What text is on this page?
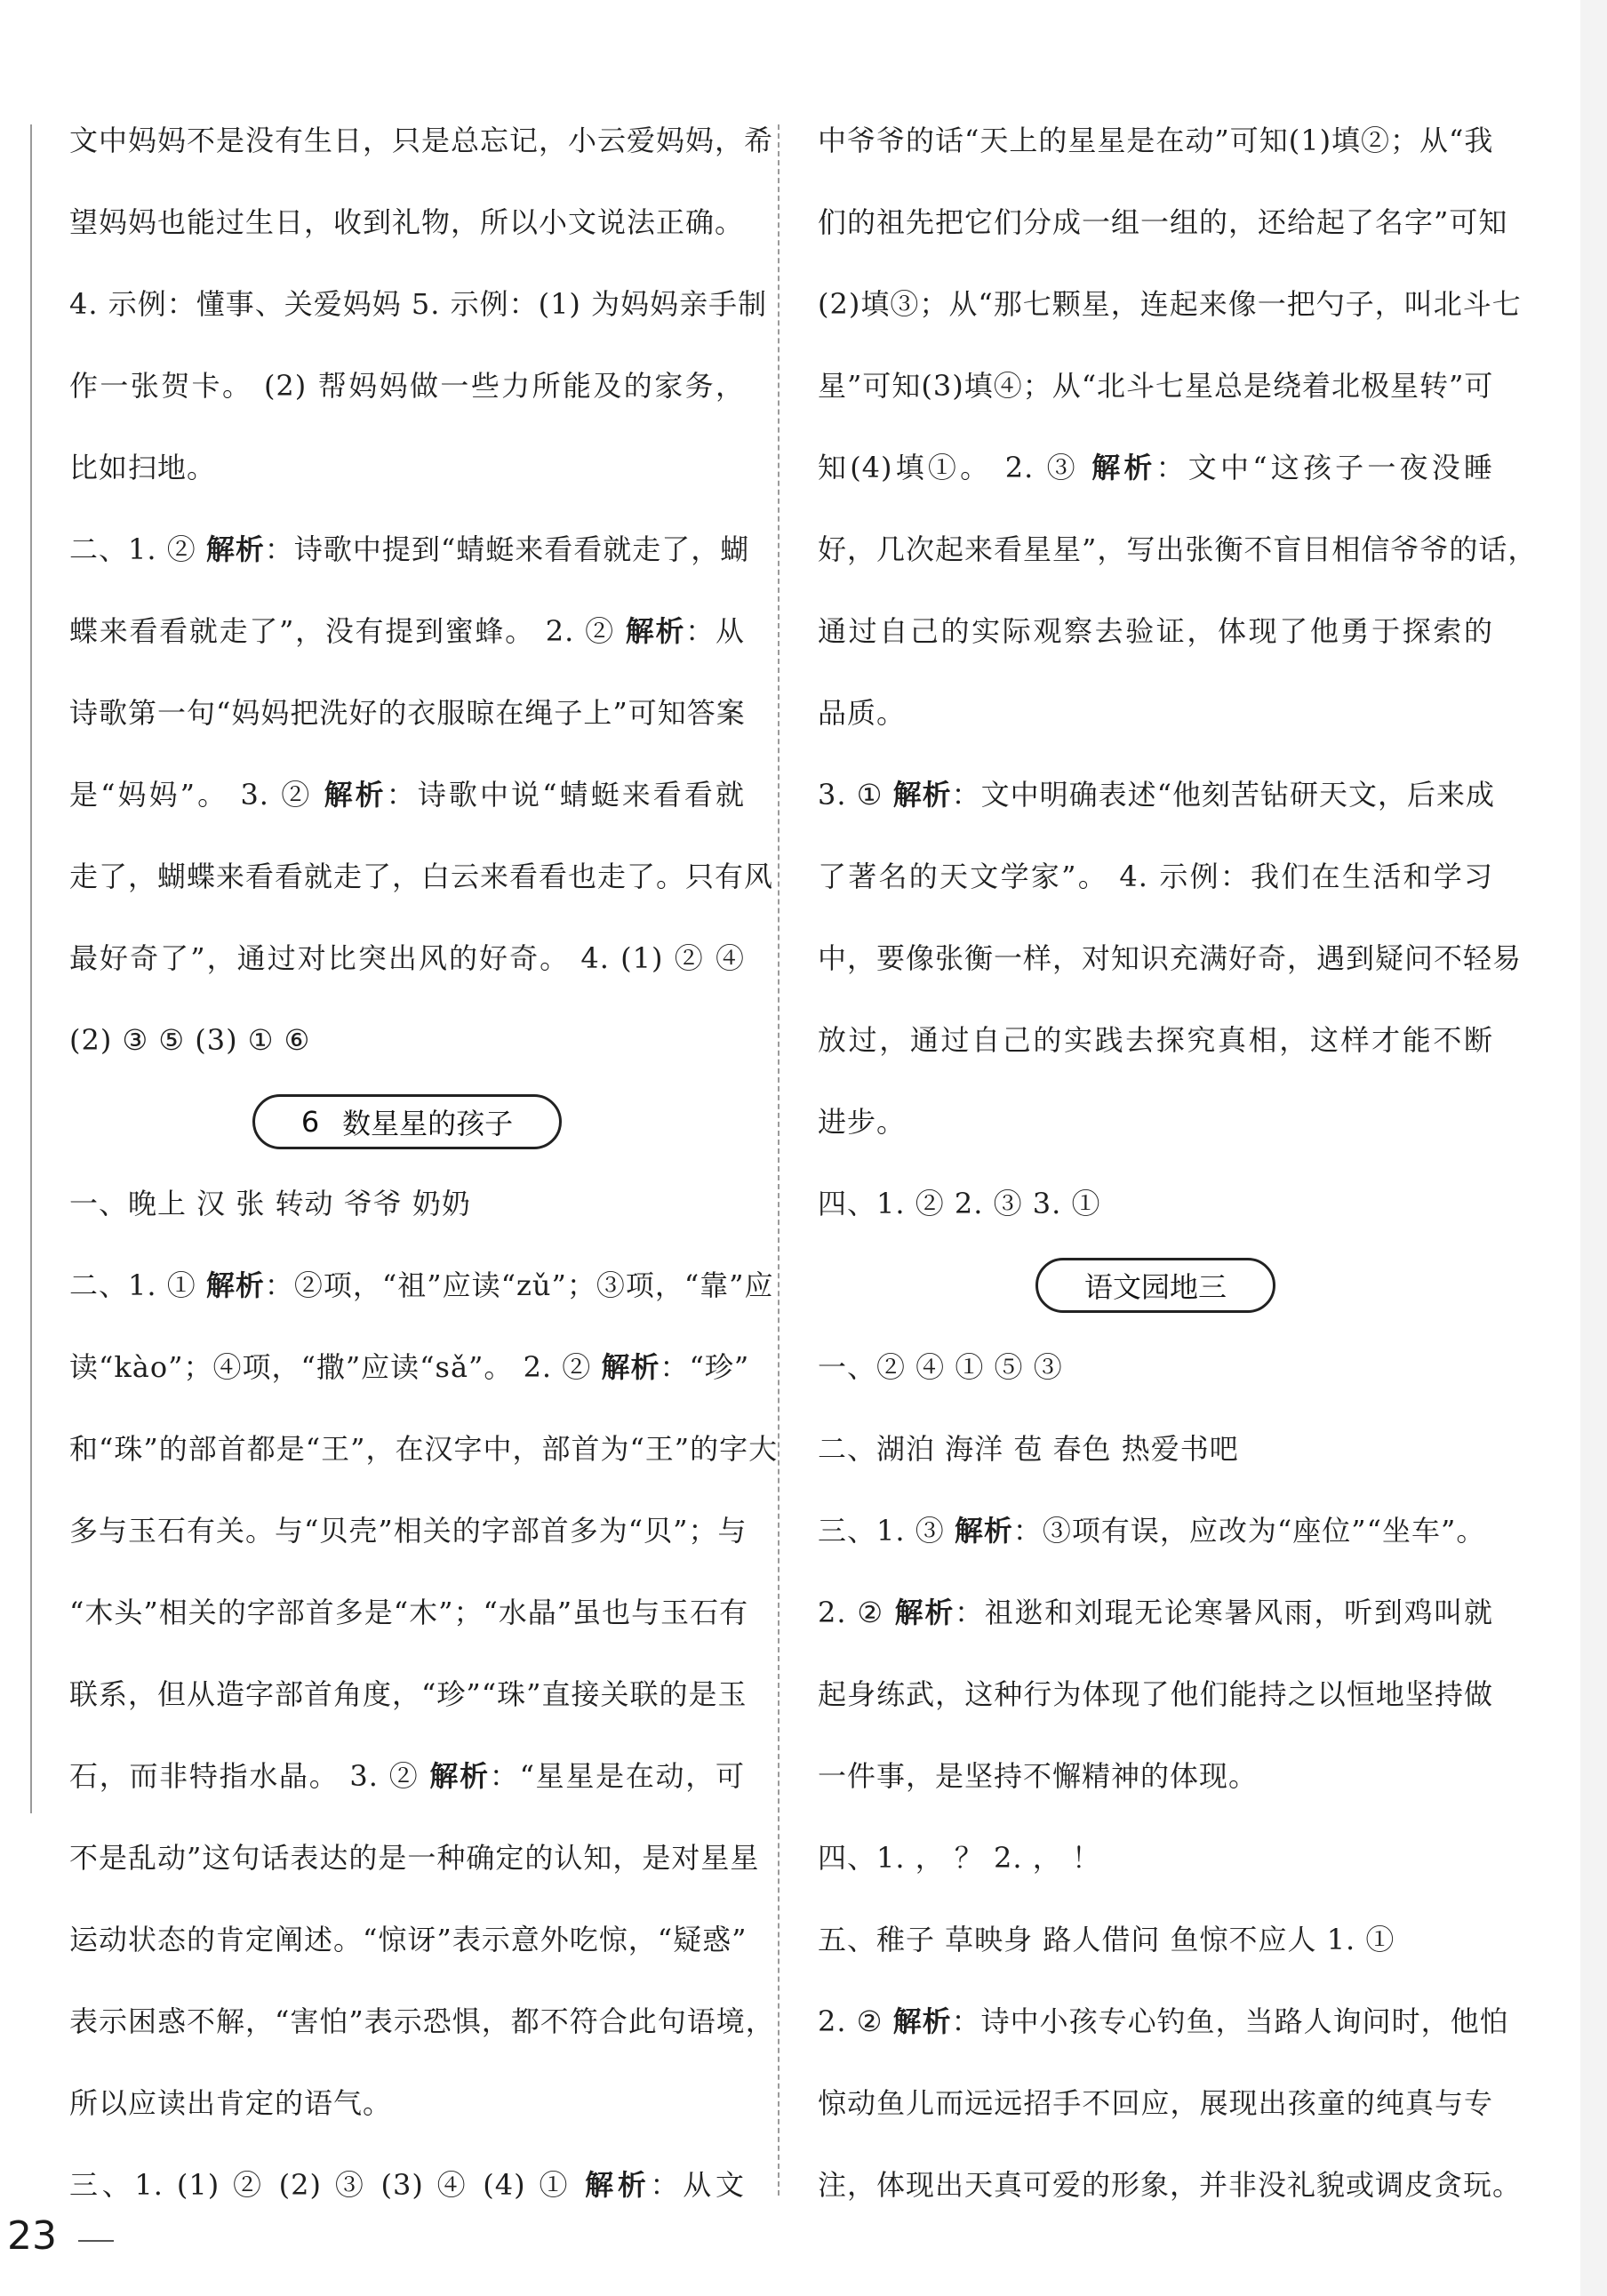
文中妈妈不是没有生日，只是总忘记，小云爱妈妈，希
望妈妈也能过生日，收到礼物，所以小文说法正确。
4. 示例：懂事、关爱妈妈 5. 示例：(1) 为妈妈亲手制
作一张贺卡。 (2) 帮妈妈做一些力所能及的家务，
比如扫地。
二、1. ② 解析：诗歌中提到“蜻蜓来看看就走了，蝴
蝶来看看就走了”，没有提到蜜蜂。 2. ② 解析：从
诗歌第一句“妈妈把洗好的衣服晾在绳子上”可知答案
是“妈妈”。 3. ② 解析：诗歌中说“蜻蜓来看看就
走了，蝴蝶来看看就走了，白云来看看也走了。只有风
最好奇了”，通过对比突出风的好奇。 4. (1) ② ④
(2) ③ ⑤ (3) ① ⑥
6 数星星的孩子
一、晚上 汉 张 转动 爷爷 奶奶
二、1. ① 解析：②项，“祖”应读“zǔ”；③项，“靠”应
读“kào”；④项，“撒”应读“sǎ”。 2. ② 解析：“珍”
和“珠”的部首都是“王”，在汉字中，部首为“王”的字大
多与玉石有关。与“贝壳”相关的字部首多为“贝”；与
“木头”相关的字部首多是“木”；“水晶”虽也与玉石有
联系，但从造字部首角度，“珍”“珠”直接关联的是玉
石，而非特指水晶。 3. ② 解析：“星星是在动，可
不是乱动”这句话表达的是一种确定的认知，是对星星
运动状态的肯定阐述。“惊讶”表示意外吃惊，“疑惑”
表示困惑不解，“害怕”表示恐惧，都不符合此句语境，
所以应读出肯定的语气。
三、1. (1) ② (2) ③ (3) ④ (4) ① 解析：从文
中爷爷的话“天上的星星是在动”可知(1)填②；从“我
们的祖先把它们分成一组一组的，还给起了名字”可知
(2)填③；从“那七颗星，连起来像一把勺子，叫北斗七
星”可知(3)填④；从“北斗七星总是绕着北极星转”可
知(4)填①。 2. ③ 解析：文中“这孩子一夜没睡
好，几次起来看星星”，写出张衡不盲目相信爷爷的话，
通过自己的实际观察去验证，体现了他勇于探索的
品质。
3. ① 解析：文中明确表述“他刻苦钻研天文，后来成
了著名的天文学家”。 4. 示例：我们在生活和学习
中，要像张衡一样，对知识充满好奇，遇到疑问不轻易
放过，通过自己的实践去探究真相，这样才能不断
进步。
四、1. ② 2. ③ 3. ①
语文园地三
一、② ④ ① ⑤ ③
二、湖泊 海洋 苞 春色 热爱书吧
三、1. ③ 解析：③项有误，应改为“座位”“坐车”。
2. ② 解析：祖逖和刘琨无论寒暑风雨，听到鸡叫就
起身练武，这种行为体现了他们能持之以恒地坚持做
一件事，是坚持不懈精神的体现。
四、1. ， ？ 2. ， ！
五、稚子 草映身 路人借问 鱼惊不应人 1. ①
2. ② 解析：诗中小孩专心钓鱼，当路人询问时，他怕
惊动鱼儿而远远招手不回应，展现出孩童的纯真与专
注，体现出天真可爱的形象，并非没礼貌或调皮贪玩。
23
